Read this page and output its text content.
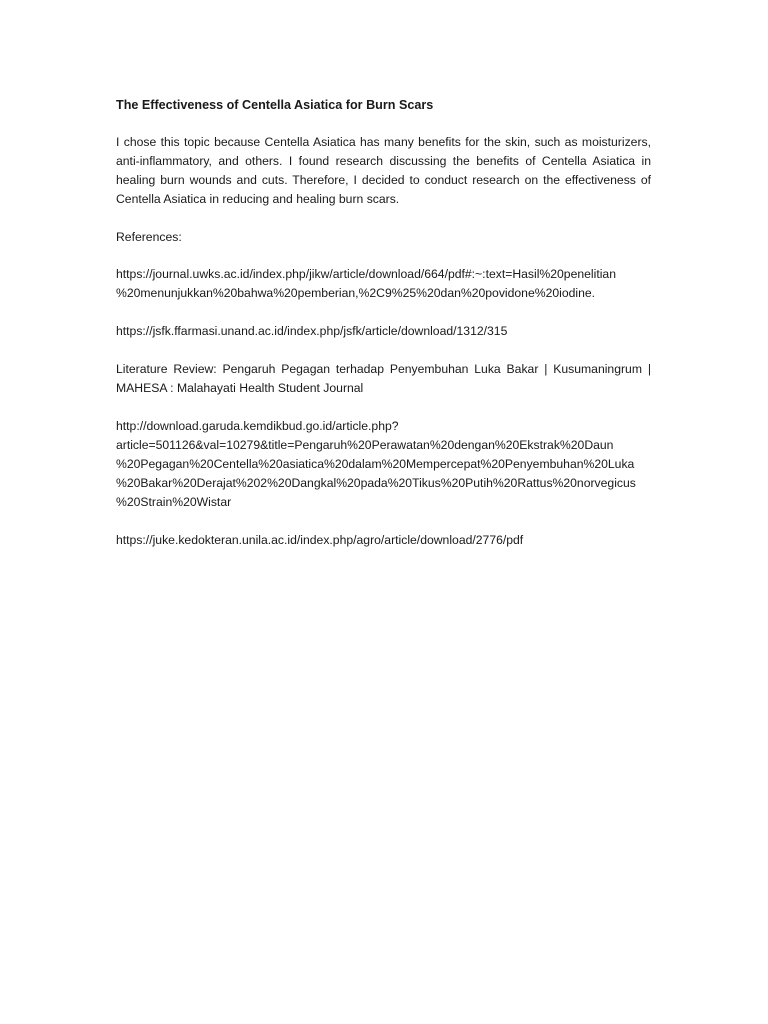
The Effectiveness of Centella Asiatica for Burn Scars
I chose this topic because Centella Asiatica has many benefits for the skin, such as moisturizers, anti-inflammatory, and others. I found research discussing the benefits of Centella Asiatica in healing burn wounds and cuts. Therefore, I decided to conduct research on the effectiveness of Centella Asiatica in reducing and healing burn scars.
References:
https://journal.uwks.ac.id/index.php/jikw/article/download/664/pdf#:~:text=Hasil%20penelitian
%20menunjukkan%20bahwa%20pemberian,%2C9%25%20dan%20povidone%20iodine.
https://jsfk.ffarmasi.unand.ac.id/index.php/jsfk/article/download/1312/315
Literature Review: Pengaruh Pegagan terhadap Penyembuhan Luka Bakar | Kusumaningrum | MAHESA : Malahayati Health Student Journal
http://download.garuda.kemdikbud.go.id/article.php?
article=501126&val=10279&title=Pengaruh%20Perawatan%20dengan%20Ekstrak%20Daun
%20Pegagan%20Centella%20asiatica%20dalam%20Mempercepat%20Penyembuhan%20Luka
%20Bakar%20Derajat%202%20Dangkal%20pada%20Tikus%20Putih%20Rattus%20norvegicus
%20Strain%20Wistar
https://juke.kedokteran.unila.ac.id/index.php/agro/article/download/2776/pdf
